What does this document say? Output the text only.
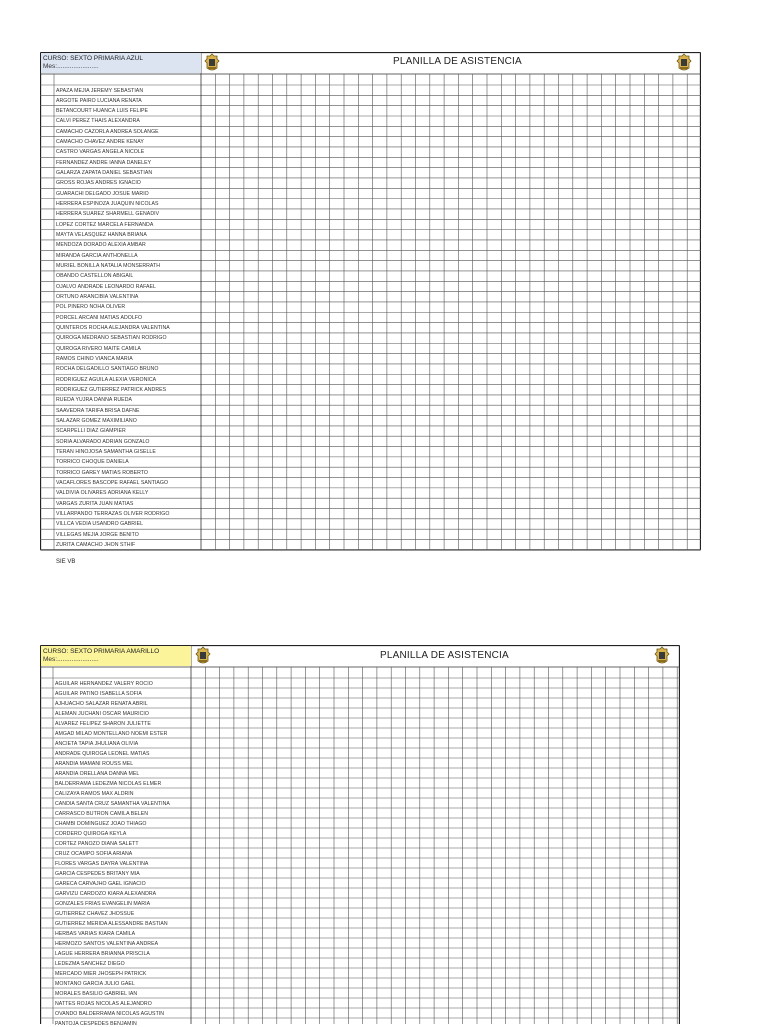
CURSO: SEXTO PRIMARIA AZUL
Mes:.......................	PLANILLA DE ASISTENCIA
APAZA MEJIA JEREMY SEBASTIAN
ARGOTE PAIRO LUCIANA RENATA
BETANCOURT HUANCA LUIS FELIPE
CALVI PEREZ THAIS ALEXANDRA
CAMACHO CAZORLA ANDREA SOLANGE
CAMACHO CHAVEZ ANDRE KENAY
CASTRO VARGAS ANGELA NICOLE
FERNANDEZ ANDRE IANNA DANELEY
GALARZA ZAPATA DANIEL SEBASTIAN
GROSS ROJAS ANDRES IGNACIO
GUARACHI DELGADO JOSUE MARIO
HERRERA ESPINOZA JUAQUIN NICOLAS
HERRERA SUAREZ SHARMELL GENADIV
LOPEZ CORTEZ MARCELA FERNANDA
MAYTA VELASQUEZ HANNA BRIANA
MENDOZA DORADO ALEXIA AMBAR
MIRANDA GARCIA ANTHONELLA
MURIEL BONILLA NATALIA MONSERRATH
OBANDO CASTELLON ABIGAIL
OJALVO ANDRADE LEONARDO RAFAEL
ORTUÑO ARANCIBIA VALENTINA
POL PIÑERO NOHA OLIVER
PORCEL ARCANI MATIAS ADOLFO
QUINTEROS ROCHA ALEJANDRA VALENTINA
QUIROGA MEDRANO SEBASTIAN RODRIGO
QUIROGA RIVERO MAITE CAMILA
RAMOS CHINO VIANCA MARIA
ROCHA DELGADILLO SANTIAGO BRUNO
RODRIGUEZ AGUILA ALEXIA VERONICA
RODRIGUEZ GUTIERREZ PATRICK ANDRES
RUEDA YUJRA DANNA RUEDA
SAAVEDRA TARIFA BRISA DAFNE
SALAZAR GOMEZ MAXIMILIANO
SCARPELLI DIAZ GIAMPIER
SORIA ALVARADO ADRIAN GONZALO
TERAN HINOJOSA SAMANTHA GISELLE
TORRICO CHOQUE DANIELA
TORRICO GAREY MATIAS ROBERTO
VACAFLORES BASCOPE RAFAEL SANTIAGO
VALDIVIA OLIVARES ADRIANA KELLY
VARGAS ZURITA JUAN MATIAS
VILLARPANDO TERRAZAS OLIVER RODRIGO
VILLCA VEDIA USANDRO GABRIEL
VILLEGAS MEJIA JORGE BENITO
ZURITA CAMACHO JHON STHIF
SIE VB
CURSO: SEXTO PRIMARIA AMARILLO
Mes:.......................	PLANILLA DE ASISTENCIA
AGUILAR HERNANDEZ VALERY ROCIO
AGUILAR PATIÑO ISABELLA SOFIA
AJHUACHO SALAZAR RENATA ABRIL
ALEMAN JUCHANI OSCAR MAURICIO
ALVAREZ FELIPEZ SHARON JULIETTE
AMGAD MILAD MONTELLANO NOEMI ESTER
ANCIETA TAPIA JHULIANA OLIVIA
ANDRADE QUIROGA LEONEL MATIAS
ARANDIA MAMANI ROUSS MEL
ARANDIA ORELLANA DANNA MEL
BALDERRAMA LEDEZMA NICOLAS ELMER
CALIZAYA RAMOS MAX ALDRIN
CANDIA SANTA CRUZ SAMANTHA VALENTINA
CARRASCO BUTRON CAMILA BELEN
CHAMBI DOMINGUEZ JOAO THIAGO
CORDERO QUIROGA KEYLA
CORTEZ PANOZO DIANA SALETT
CRUZ OCAMPO SOFIA ARIANA
FLORES VARGAS DAYRA VALENTINA
GARCIA CESPEDES BRITANY MIA
GARECA CARVAJHO GAEL IGNACIO
GARVIZU CARDOZO KIARA ALEXANDRA
GONZALES FRIAS EVANGELIN MARIA
GUTIERREZ CHAVEZ JHOSSUE
GUTIERREZ MERIDA ALESSANDRE BASTIAN
HERBAS VARIAS KIARA CAMILA
HERMOZO SANTOS VALENTINA ANDREA
LAGUE HERRERA BRIANNA PRISCILA
LEDEZMA SANCHEZ DIEGO
MERCADO MIER JHOSEPH PATRICK
MONTAÑO GARCIA JULIO GAEL
MORALES BASILIO GABRIEL IAN
NATTES ROJAS NICOLAS ALEJANDRO
OVANDO BALDERRAMA NICOLAS AGUSTIN
PANTOJA CESPEDES BENJAMIN
